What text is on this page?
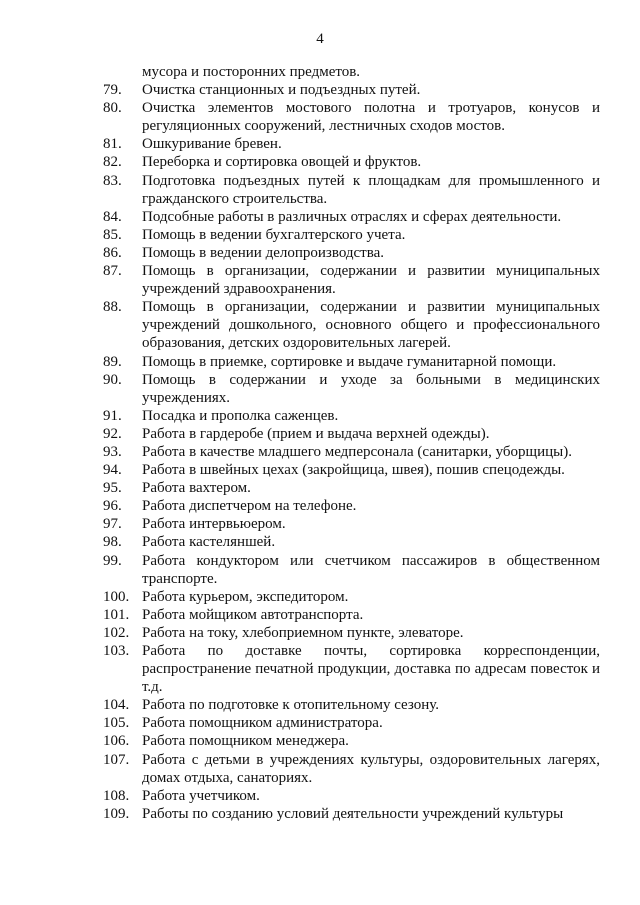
4
мусора и посторонних предметов.
79.	Очистка станционных и подъездных путей.
80.	Очистка элементов мостового полотна и тротуаров, конусов и регуляционных сооружений, лестничных сходов мостов.
81.	Ошкуривание бревен.
82.	Переборка и сортировка овощей и фруктов.
83.	Подготовка подъездных путей к площадкам для промышленного и гражданского строительства.
84.	Подсобные работы в различных отраслях и сферах деятельности.
85.	Помощь в ведении бухгалтерского учета.
86.	Помощь в ведении делопроизводства.
87.	Помощь в организации, содержании и развитии муниципальных учреждений здравоохранения.
88.	Помощь в организации, содержании и развитии муниципальных учреждений дошкольного, основного общего и профессионального образования, детских оздоровительных лагерей.
89.	Помощь в приемке, сортировке и выдаче гуманитарной помощи.
90.	Помощь в содержании и уходе за больными в медицинских учреждениях.
91.	Посадка и прополка саженцев.
92.	Работа в гардеробе (прием и выдача верхней одежды).
93.	Работа в качестве младшего медперсонала (санитарки, уборщицы).
94.	Работа в швейных цехах (закройщица, швея), пошив спецодежды.
95.	Работа вахтером.
96.	Работа диспетчером на телефоне.
97.	Работа интервьюером.
98.	Работа кастеляншей.
99.	Работа кондуктором или счетчиком пассажиров в общественном транспорте.
100. Работа курьером, экспедитором.
101. Работа мойщиком автотранспорта.
102. Работа на току, хлебоприемном пункте, элеваторе.
103. Работа по доставке почты, сортировка корреспонденции, распространение печатной продукции, доставка по адресам повесток и т.д.
104. Работа по подготовке к отопительному сезону.
105. Работа помощником администратора.
106. Работа помощником менеджера.
107. Работа с детьми в учреждениях культуры, оздоровительных лагерях, домах отдыха, санаториях.
108. Работа учетчиком.
109. Работы по созданию условий деятельности учреждений культуры
